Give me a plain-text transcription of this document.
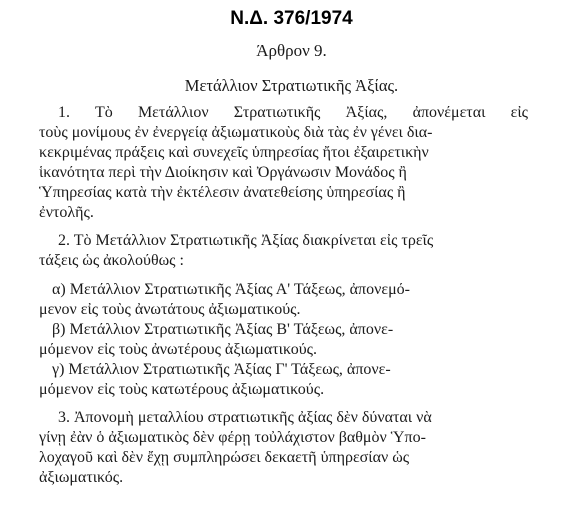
Ν.Δ. 376/1974
Άρθρον 9.
Μετάλλιον Στρατιωτικῆς Ἀξίας.
1. Τὸ Μετάλλιον Στρατιωτικῆς Ἀξίας, ἀπονέμεται εἰς
τοὺς μονίμους ἐν ἐνεργείᾳ ἀξιωματικοὺς διὰ τὰς ἐν γένει δια-
κεκριμένας πράξεις καὶ συνεχεῖς ὑπηρεσίας ἤτοι ἐξαιρετικὴν
ἱκανότητα περὶ τὴν Διοίκησιν καὶ Ὀργάνωσιν Μονάδος ἢ
Ὑπηρεσίας κατὰ τὴν ἐκτέλεσιν ἀνατεθείσης ὑπηρεσίας ἢ
ἐντολῆς.
2. Τὸ Μετάλλιον Στρατιωτικῆς Ἀξίας διακρίνεται εἰς τρεῖς
τάξεις ὡς ἀκολούθως :
α) Μετάλλιον Στρατιωτικῆς Ἀξίας Α' Τάξεως, ἀπονεμό-
μενον εἰς τοὺς ἀνωτάτους ἀξιωματικούς.
β) Μετάλλιον Στρατιωτικῆς Ἀξίας Β' Τάξεως, ἀπονε-
μόμενον εἰς τοὺς ἀνωτέρους ἀξιωματικούς.
γ) Μετάλλιον Στρατιωτικῆς Ἀξίας Γ' Τάξεως, ἀπονε-
μόμενον εἰς τοὺς κατωτέρους ἀξιωματικούς.
3. Ἀπονομὴ μεταλλίου στρατιωτικῆς ἀξίας δὲν δύναται νὰ
γίνῃ ἐὰν ὁ ἀξιωματικὸς δὲν φέρῃ τοὐλάχιστον βαθμὸν Ὑπο-
λοχαγοῦ καὶ δὲν ἔχῃ συμπληρώσει δεκαετῆ ὑπηρεσίαν ὡς
ἀξιωματικός.
